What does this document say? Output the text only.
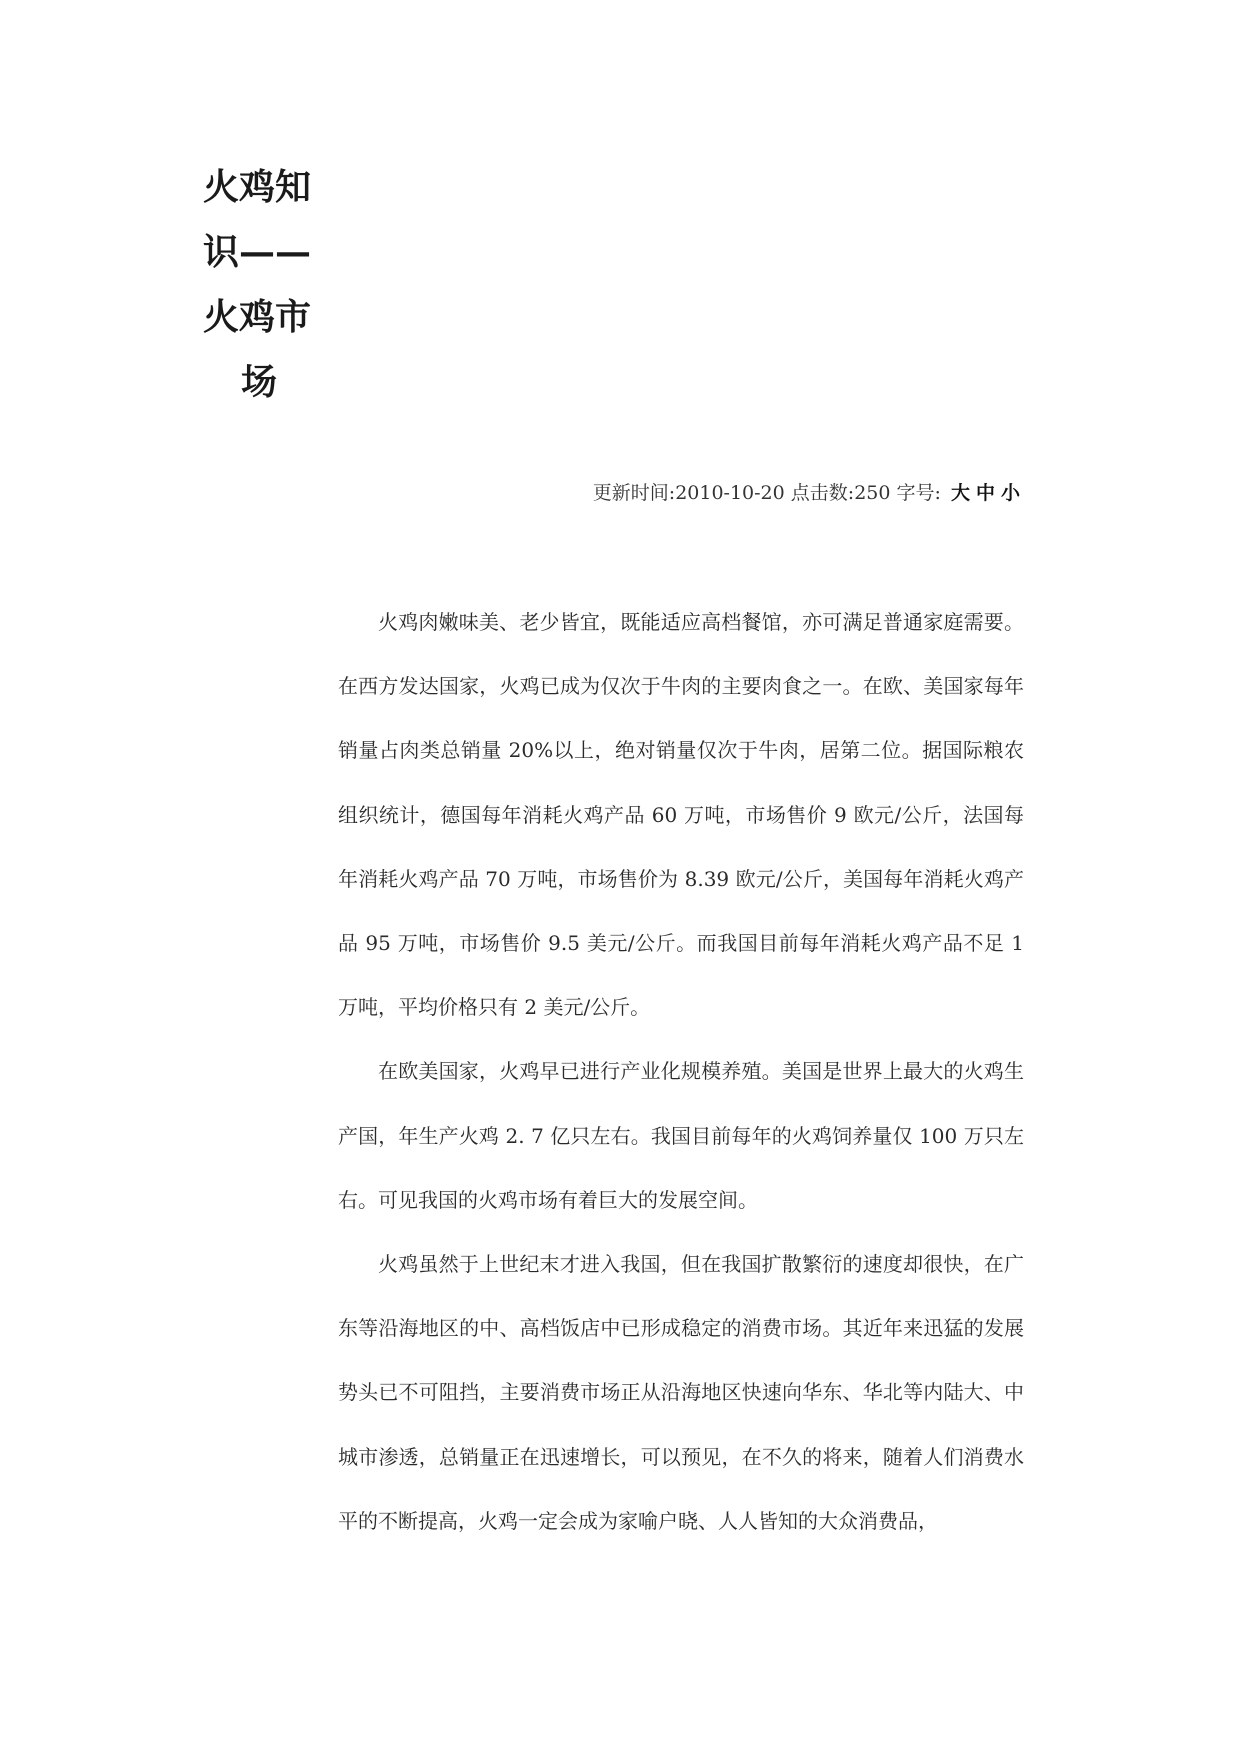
火鸡知
识——
火鸡市
场
更新时间:2010-10-20 点击数:250 字号: 大 中 小

火鸡肉嫩味美、老少皆宜，既能适应高档餐馆，亦可满足普通家庭需要。在西方发达国家，火鸡已成为仅次于牛肉的主要肉食之一。在欧、美国家每年销量占肉类总销量 20%以上，绝对销量仅次于牛肉，居第二位。据国际粮农组织统计，德国每年消耗火鸡产品 60 万吨，市场售价 9 欧元/公斤，法国每年消耗火鸡产品 70 万吨，市场售价为 8.39 欧元/公斤，美国每年消耗火鸡产品 95 万吨，市场售价 9.5 美元/公斤。而我国目前每年消耗火鸡产品不足 1 万吨，平均价格只有 2 美元/公斤。

在欧美国家，火鸡早已进行产业化规模养殖。美国是世界上最大的火鸡生产国，年生产火鸡 2. 7 亿只左右。我国目前每年的火鸡饲养量仅 100 万只左右。可见我国的火鸡市场有着巨大的发展空间。

火鸡虽然于上世纪末才进入我国，但在我国扩散繁衍的速度却很快，在广东等沿海地区的中、高档饭店中已形成稳定的消费市场。其近年来迅猛的发展势头已不可阻挡，主要消费市场正从沿海地区快速向华东、华北等内陆大、中城市渗透，总销量正在迅速增长，可以预见，在不久的将来，随着人们消费水平的不断提高，火鸡一定会成为家喻户晓、人人皆知的大众消费品，
